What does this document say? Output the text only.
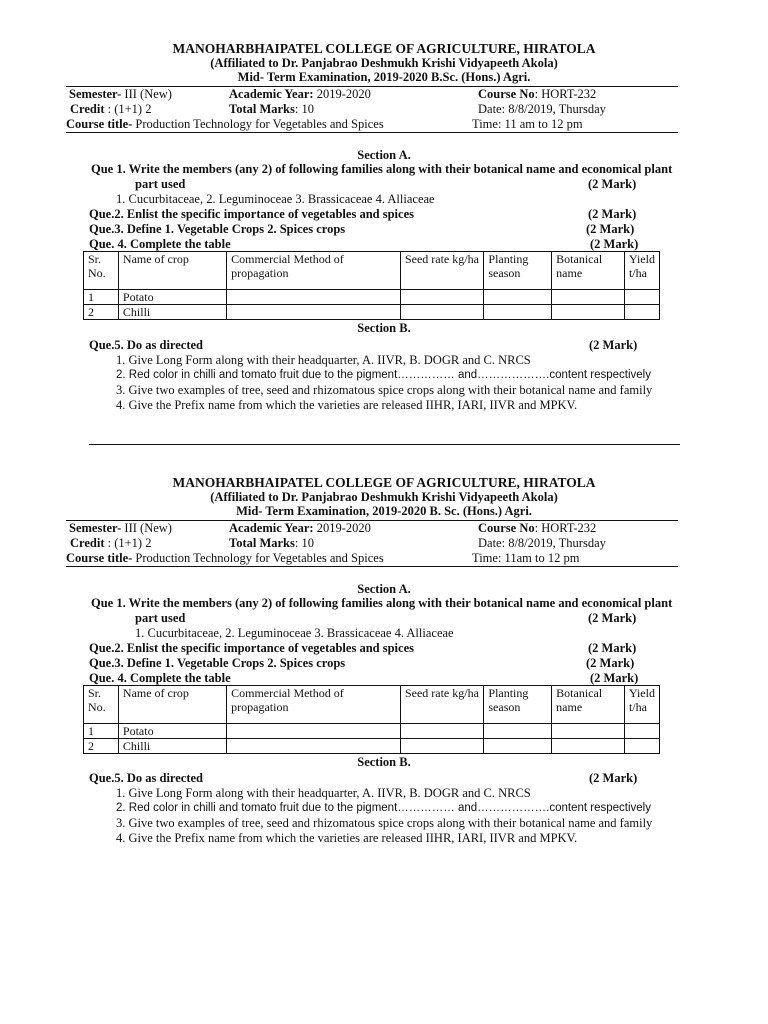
MANOHARBHAIPATEL COLLEGE OF AGRICULTURE, HIRATOLA
(Affiliated to Dr. Panjabrao Deshmukh Krishi Vidyapeeth Akola)
Mid- Term Examination, 2019-2020 B.Sc. (Hons.) Agri.
Semester- III (New)	Academic Year: 2019-2020	Course No: HORT-232
Credit : (1+1) 2	Total Marks: 10	Date: 8/8/2019, Thursday
Course title- Production Technology for Vegetables and Spices	Time: 11 am to 12 pm
Section A.
Que 1. Write the members (any 2) of following families along with their botanical name and economical plant
part used	(2 Mark)
1. Cucurbitaceae, 2. Leguminoceae 3. Brassicaceae 4. Alliaceae
Que.2. Enlist the specific importance of vegetables and spices	(2 Mark)
Que.3. Define 1. Vegetable Crops 2. Spices crops	(2 Mark)
Que. 4. Complete the table	(2 Mark)
Sr. No.	Name of crop	Commercial Method of propagation	Seed rate kg/ha	Planting season	Botanical name	Yield t/ha
1	Potato					
2	Chilli					
Section B.
Que.5. Do as directed	(2 Mark)
1. Give Long Form along with their headquarter, A. IIVR, B. DOGR and C. NRCS
2. Red color in chilli and tomato fruit due to the pigment…………… and……………….content respectively
3. Give two examples of tree, seed and rhizomatous spice crops along with their botanical name and family
4. Give the Prefix name from which the varieties are released IIHR, IARI, IIVR and MPKV.
MANOHARBHAIPATEL COLLEGE OF AGRICULTURE, HIRATOLA
(Affiliated to Dr. Panjabrao Deshmukh Krishi Vidyapeeth Akola)
Mid- Term Examination, 2019-2020 B. Sc. (Hons.) Agri.
Semester- III (New)	Academic Year: 2019-2020	Course No: HORT-232
Credit : (1+1) 2	Total Marks: 10	Date: 8/8/2019, Thursday
Course title- Production Technology for Vegetables and Spices	Time: 11am to 12 pm
Section A.
Que 1. Write the members (any 2) of following families along with their botanical name and economical plant
part used	(2 Mark)
1. Cucurbitaceae, 2. Leguminoceae 3. Brassicaceae 4. Alliaceae
Que.2. Enlist the specific importance of vegetables and spices	(2 Mark)
Que.3. Define 1. Vegetable Crops 2. Spices crops	(2 Mark)
Que. 4. Complete the table	(2 Mark)
Sr. No.	Name of crop	Commercial Method of propagation	Seed rate kg/ha	Planting season	Botanical name	Yield t/ha
1	Potato					
2	Chilli					
Section B.
Que.5. Do as directed	(2 Mark)
1. Give Long Form along with their headquarter, A. IIVR, B. DOGR and C. NRCS
2. Red color in chilli and tomato fruit due to the pigment…………… and……………….content respectively
3. Give two examples of tree, seed and rhizomatous spice crops along with their botanical name and family
4. Give the Prefix name from which the varieties are released IIHR, IARI, IIVR and MPKV.
